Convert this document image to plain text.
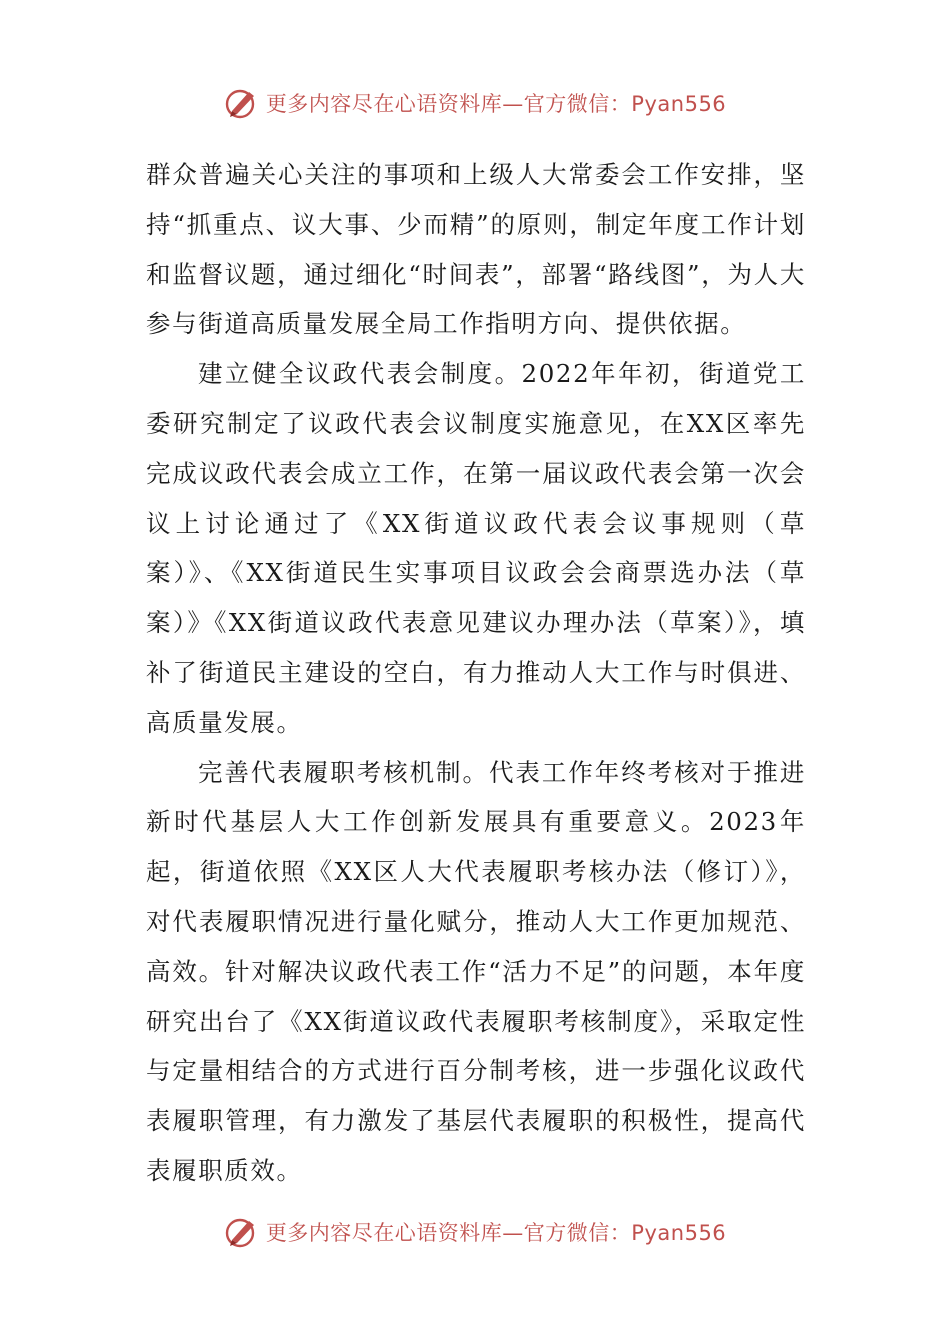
更多内容尽在心语资料库—官方微信：Pyan556

群众普遍关心关注的事项和上级人大常委会工作安排，坚持“抓重点、议大事、少而精”的原则，制定年度工作计划和监督议题，通过细化“时间表”，部署“路线图”，为人大参与街道高质量发展全局工作指明方向、提供依据。

建立健全议政代表会制度。2022年年初，街道党工委研究制定了议政代表会议制度实施意见，在XX区率先完成议政代表会成立工作，在第一届议政代表会第一次会议上讨论通过了《XX街道议政代表会议事规则（草案）》、《XX街道民生实事项目议政会会商票选办法（草案）》《XX街道议政代表意见建议办理办法（草案）》，填补了街道民主建设的空白，有力推动人大工作与时俱进、高质量发展。

完善代表履职考核机制。代表工作年终考核对于推进新时代基层人大工作创新发展具有重要意义。2023年起，街道依照《XX区人大代表履职考核办法（修订）》，对代表履职情况进行量化赋分，推动人大工作更加规范、高效。针对解决议政代表工作“活力不足”的问题，本年度研究出台了《XX街道议政代表履职考核制度》，采取定性与定量相结合的方式进行百分制考核，进一步强化议政代表履职管理，有力激发了基层代表履职的积极性，提高代表履职质效。

更多内容尽在心语资料库—官方微信：Pyan556
